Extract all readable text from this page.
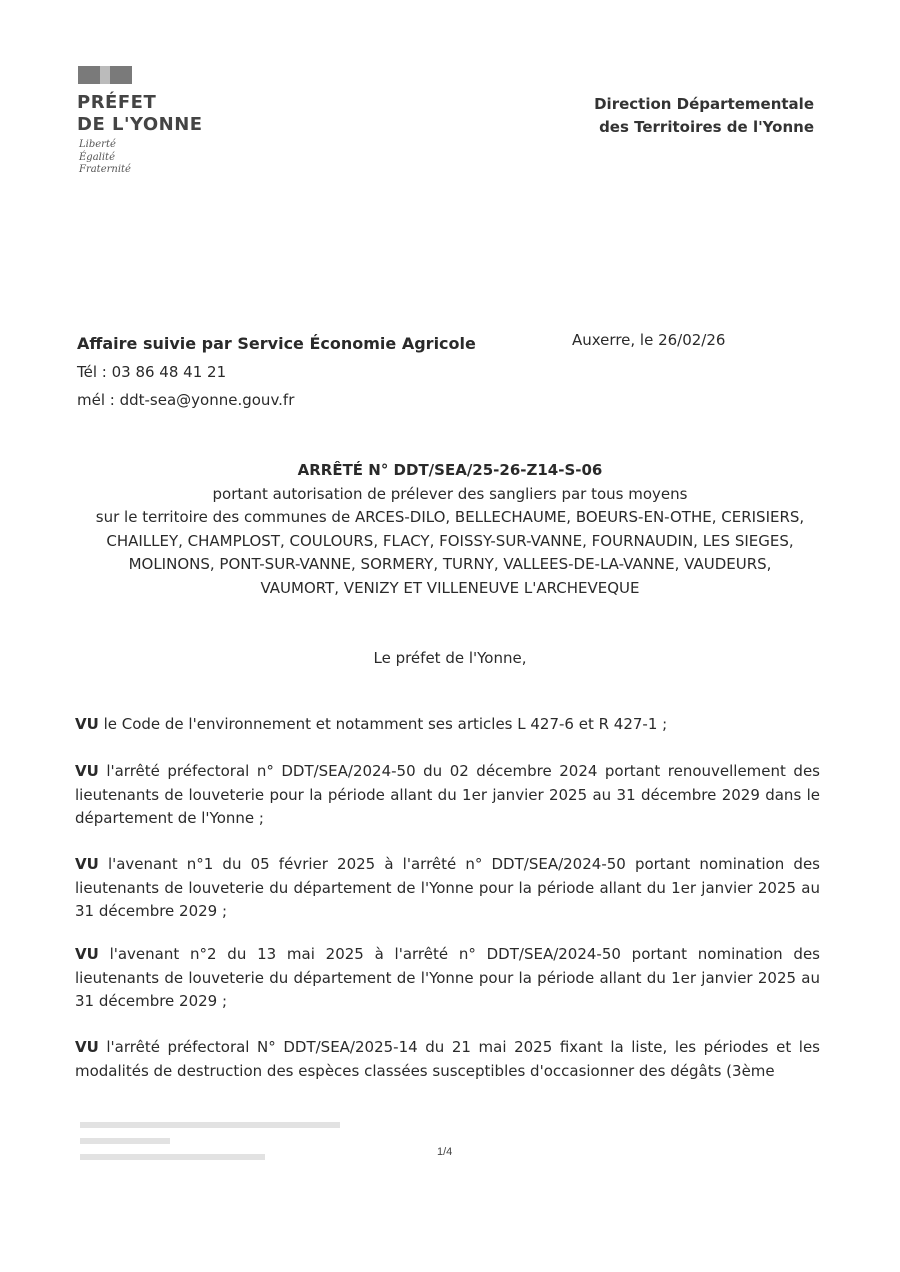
PRÉFET
DE L'YONNE
Liberté
Égalité
Fraternité
Direction Départementale
des Territoires de l'Yonne
Affaire suivie par Service Économie Agricole
Tél : 03 86 48 41 21
mél : ddt-sea@yonne.gouv.fr
Auxerre, le 26/02/26
ARRÊTÉ N° DDT/SEA/25-26-Z14-S-06
portant autorisation de prélever des sangliers par tous moyens
sur le territoire des communes de ARCES-DILO, BELLECHAUME, BOEURS-EN-OTHE, CERISIERS,
CHAILLEY, CHAMPLOST, COULOURS, FLACY, FOISSY-SUR-VANNE, FOURNAUDIN, LES SIEGES,
MOLINONS, PONT-SUR-VANNE, SORMERY, TURNY, VALLEES-DE-LA-VANNE, VAUDEURS,
VAUMORT, VENIZY ET VILLENEUVE L'ARCHEVEQUE
Le préfet de l'Yonne,

VU le Code de l'environnement et notamment ses articles L 427-6 et R 427-1 ;

VU l'arrêté préfectoral n° DDT/SEA/2024-50 du 02 décembre 2024 portant renouvellement des lieutenants de louveterie pour la période allant du 1er janvier 2025 au 31 décembre 2029 dans le département de l'Yonne ;

VU l'avenant n°1 du 05 février 2025 à l'arrêté n° DDT/SEA/2024-50 portant nomination des lieutenants de louveterie du département de l'Yonne pour la période allant du 1er janvier 2025 au 31 décembre 2029 ;

VU l'avenant n°2 du 13 mai 2025 à l'arrêté n° DDT/SEA/2024-50 portant nomination des lieutenants de louveterie du département de l'Yonne pour la période allant du 1er janvier 2025 au 31 décembre 2029 ;

VU l'arrêté préfectoral N° DDT/SEA/2025-14 du 21 mai 2025 fixant la liste, les périodes et les modalités de destruction des espèces classées susceptibles d'occasionner des dégâts (3ème

1/4
